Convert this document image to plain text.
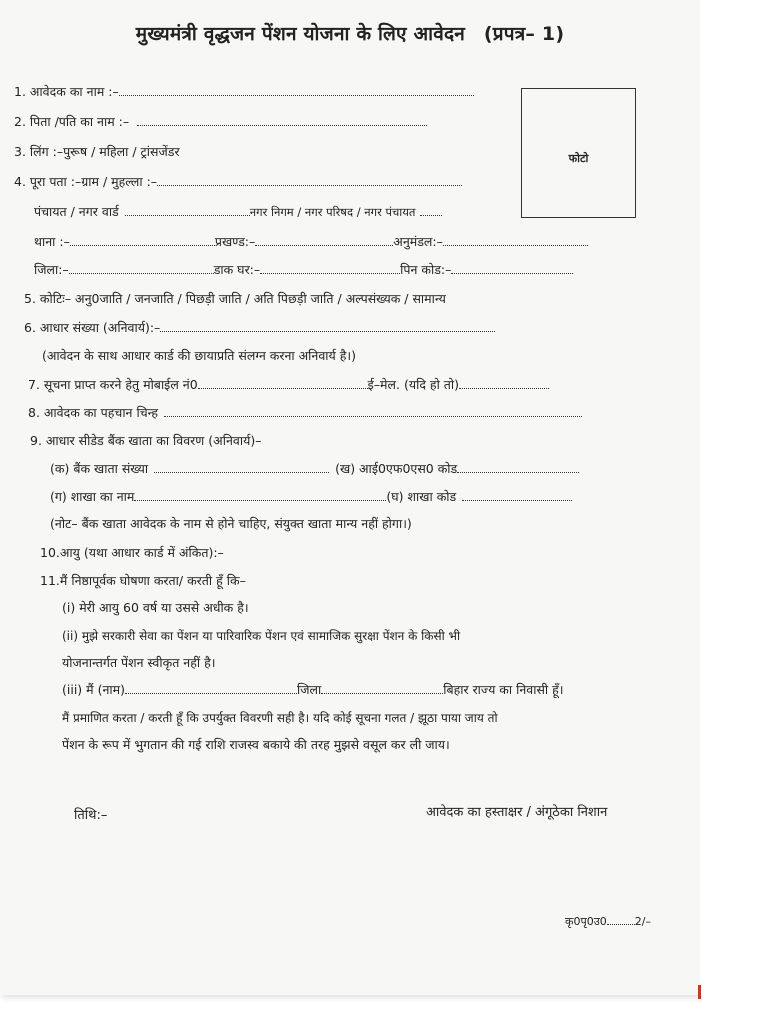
मुख्यमंत्री वृद्धजन पेंशन योजना के लिए आवेदन (प्रपत्र– 1)
फोटो
1. आवेदक का नाम :–
2. पिता /पति का नाम :–
3. लिंग :–पुरूष / महिला / ट्रांसजेंडर
4. पूरा पता :–ग्राम / मुहल्ला :–
पंचायत / नगर वार्ड	नगर निगम / नगर परिषद / नगर पंचायत
थाना :–	प्रखण्ड:–	अनुमंडल:–
जिला:–	डाक घर:–	पिन कोड:–
5. कोटिः– अनु0जाति / जनजाति / पिछड़ी जाति / अति पिछड़ी जाति / अल्पसंख्यक / सामान्य
6. आधार संख्या (अनिवार्य):–
(आवेदन के साथ आधार कार्ड की छायाप्रति संलग्न करना अनिवार्य है।)
7. सूचना प्राप्त करने हेतु मोबाईल नं0	ई–मेल. (यदि हो तो)
8. आवेदक का पहचान चिन्ह
9. आधार सीडेड बैंक खाता का विवरण (अनिवार्य)–
(क) बैंक खाता संख्या	(ख) आई0एफ0एस0 कोड
(ग) शाखा का नाम	(घ) शाखा कोड
(नोट– बैंक खाता आवेदक के नाम से होने चाहिए, संयुक्त खाता मान्य नहीं होगा।)
10.आयु (यथा आधार कार्ड में अंकित):–
11.मैं निष्ठापूर्वक घोषणा करता/ करती हूँ कि–
(i) मेरी आयु 60 वर्ष या उससे अधीक है।
(ii) मुझे सरकारी सेवा का पेंशन या पारिवारिक पेंशन एवं सामाजिक सुरक्षा पेंशन के किसी भी
योजनान्तर्गत पेंशन स्वीकृत नहीं है।
(iii) मैं (नाम)	जिला	बिहार राज्य का निवासी हूँ।
मैं प्रमाणित करता / करती हूँ कि उपर्युक्त विवरणी सही है। यदि कोई सूचना गलत / झूठा पाया जाय तो
पेंशन के रूप में भुगतान की गई राशि राजस्व बकाये की तरह मुझसे वसूल कर ली जाय।
तिथि:–	आवेदक का हस्ताक्षर / अंगूठेका निशान
कृ0पृ0उ0	2/–
